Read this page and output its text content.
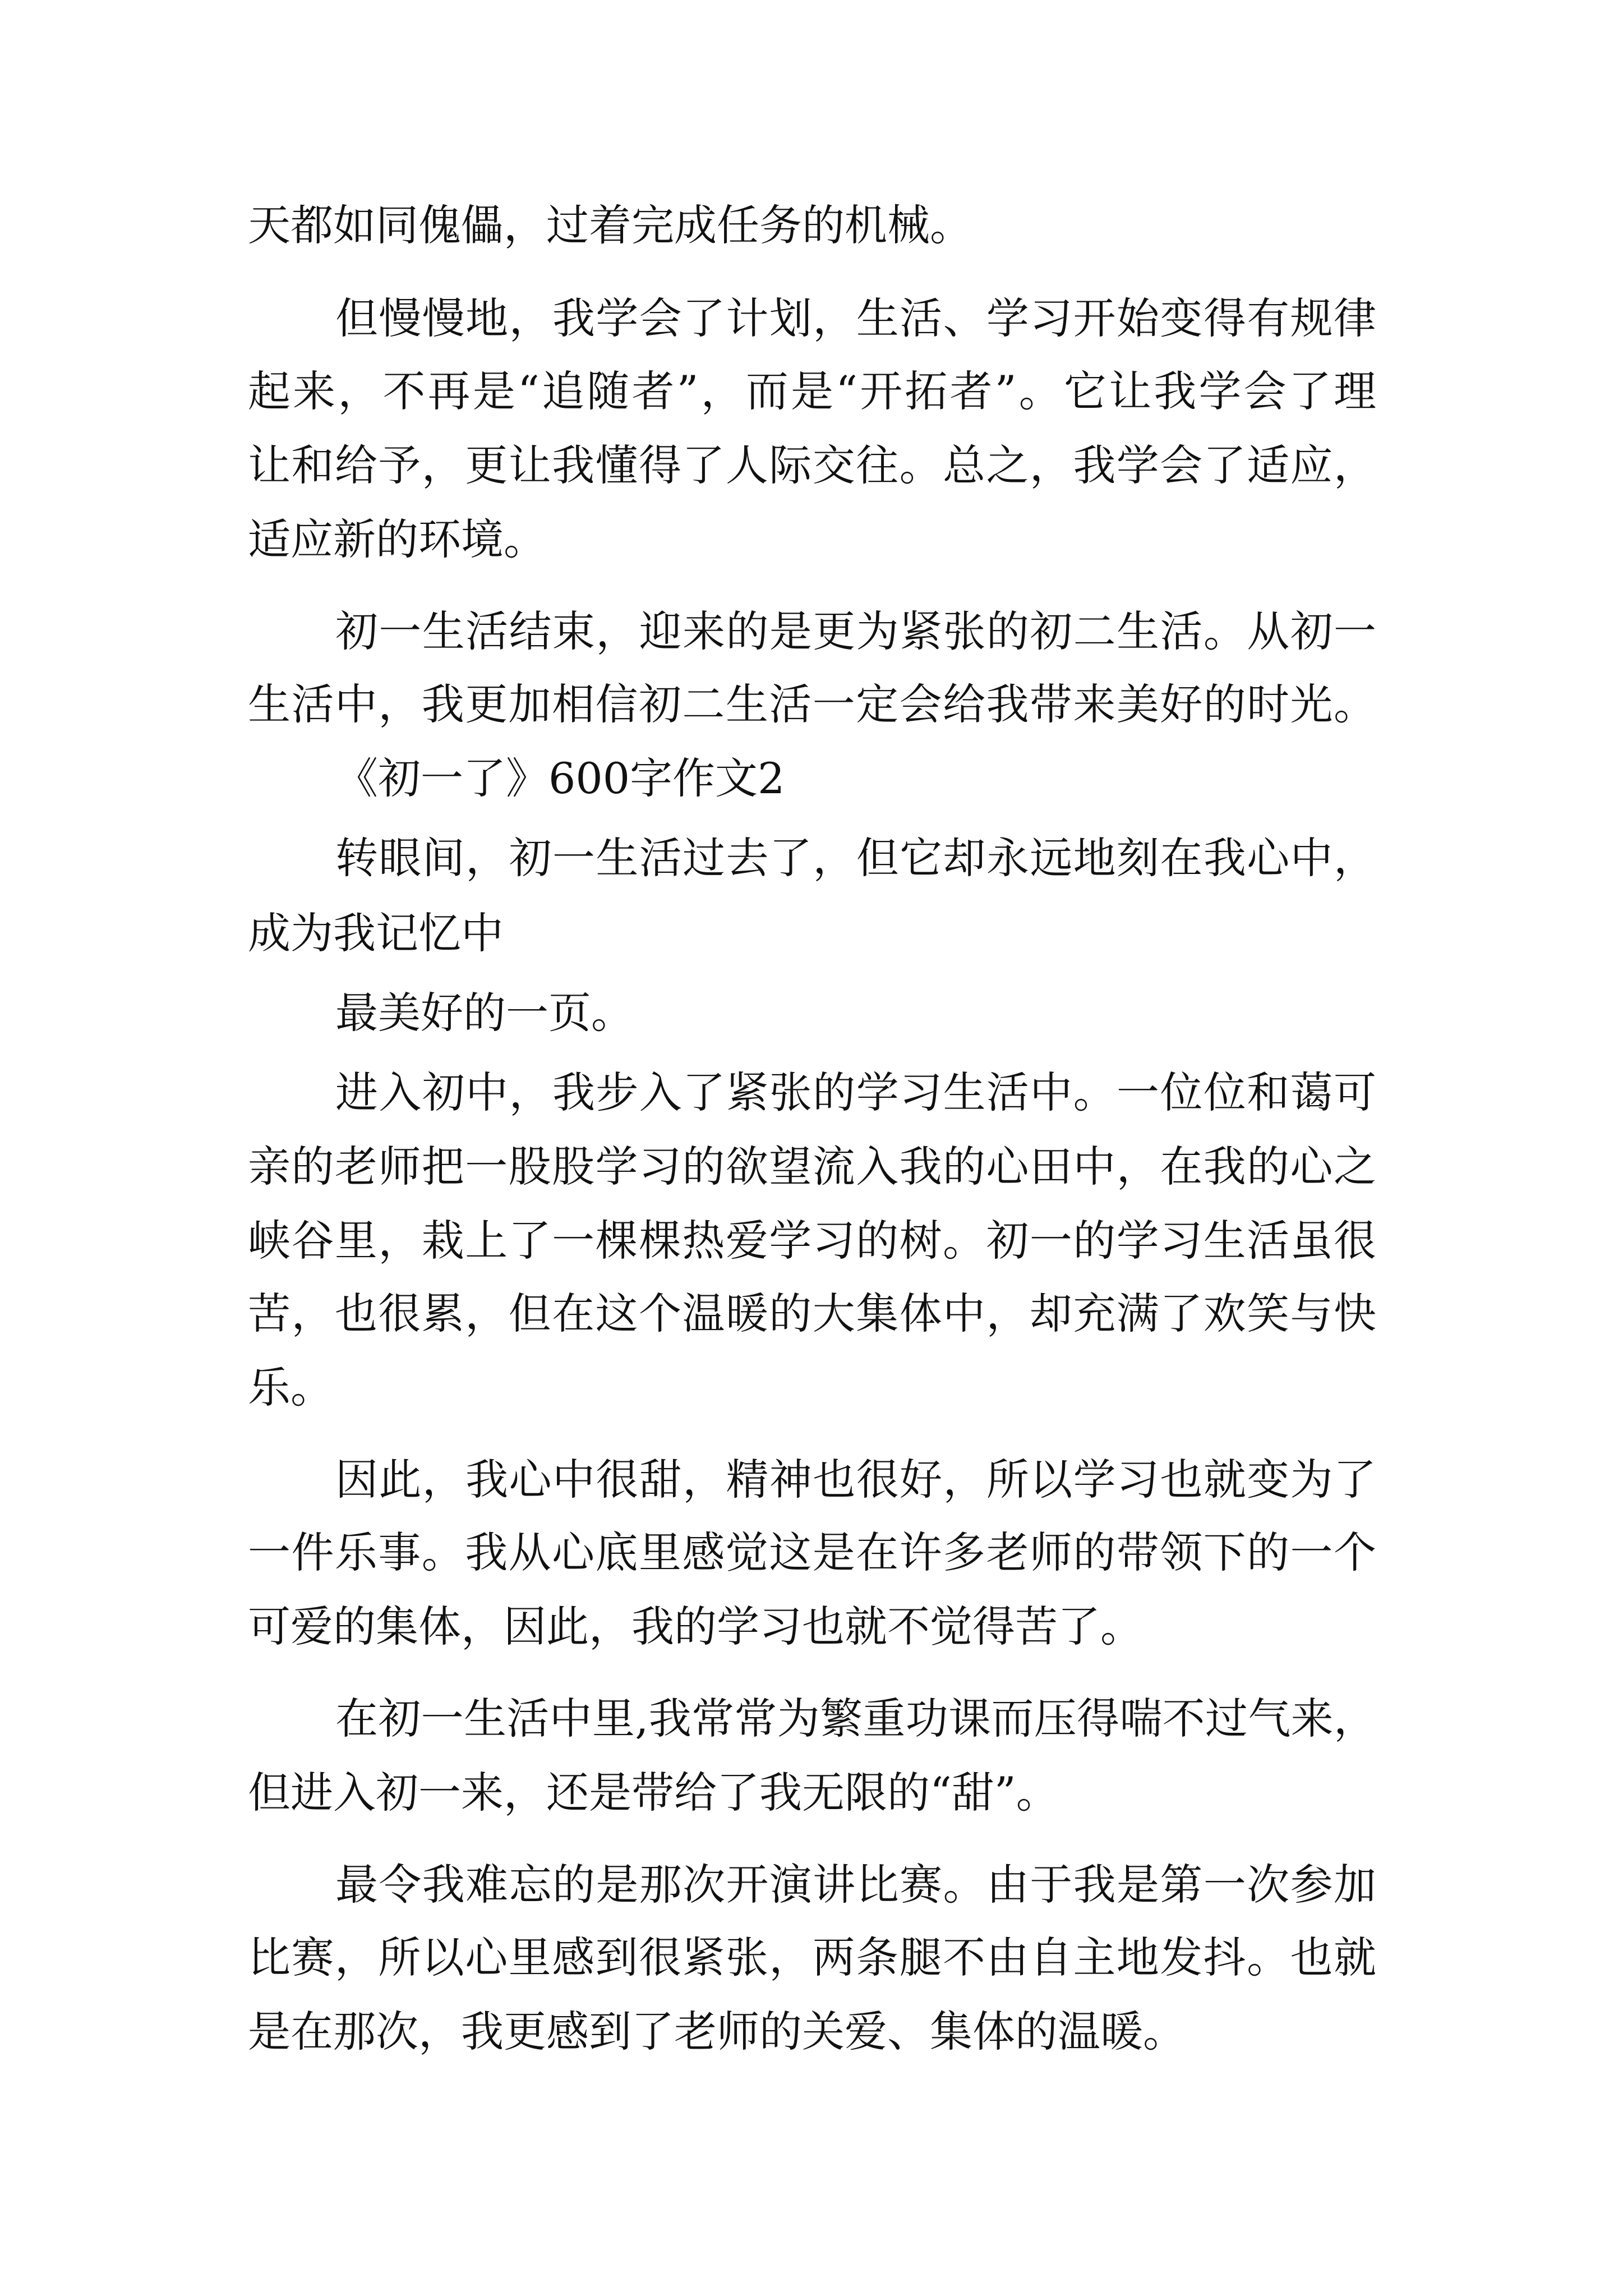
天都如同傀儡，过着完成任务的机械。
但慢慢地，我学会了计划，生活、学习开始变得有规律
起来，不再是“追随者”，而是“开拓者”。它让我学会了理
让和给予，更让我懂得了人际交往。总之，我学会了适应，
适应新的环境。
初一生活结束，迎来的是更为紧张的初二生活。从初一
生活中，我更加相信初二生活一定会给我带来美好的时光。
《初一了》600字作文2
转眼间，初一生活过去了，但它却永远地刻在我心中，
成为我记忆中
最美好的一页。
进入初中，我步入了紧张的学习生活中。一位位和蔼可
亲的老师把一股股学习的欲望流入我的心田中，在我的心之
峡谷里，栽上了一棵棵热爱学习的树。初一的学习生活虽很
苦，也很累，但在这个温暖的大集体中，却充满了欢笑与快
乐。
因此，我心中很甜，精神也很好，所以学习也就变为了
一件乐事。我从心底里感觉这是在许多老师的带领下的一个
可爱的集体，因此，我的学习也就不觉得苦了。
在初一生活中里,我常常为繁重功课而压得喘不过气来，
但进入初一来，还是带给了我无限的“甜”。
最令我难忘的是那次开演讲比赛。由于我是第一次参加
比赛，所以心里感到很紧张，两条腿不由自主地发抖。也就
是在那次，我更感到了老师的关爱、集体的温暖。
